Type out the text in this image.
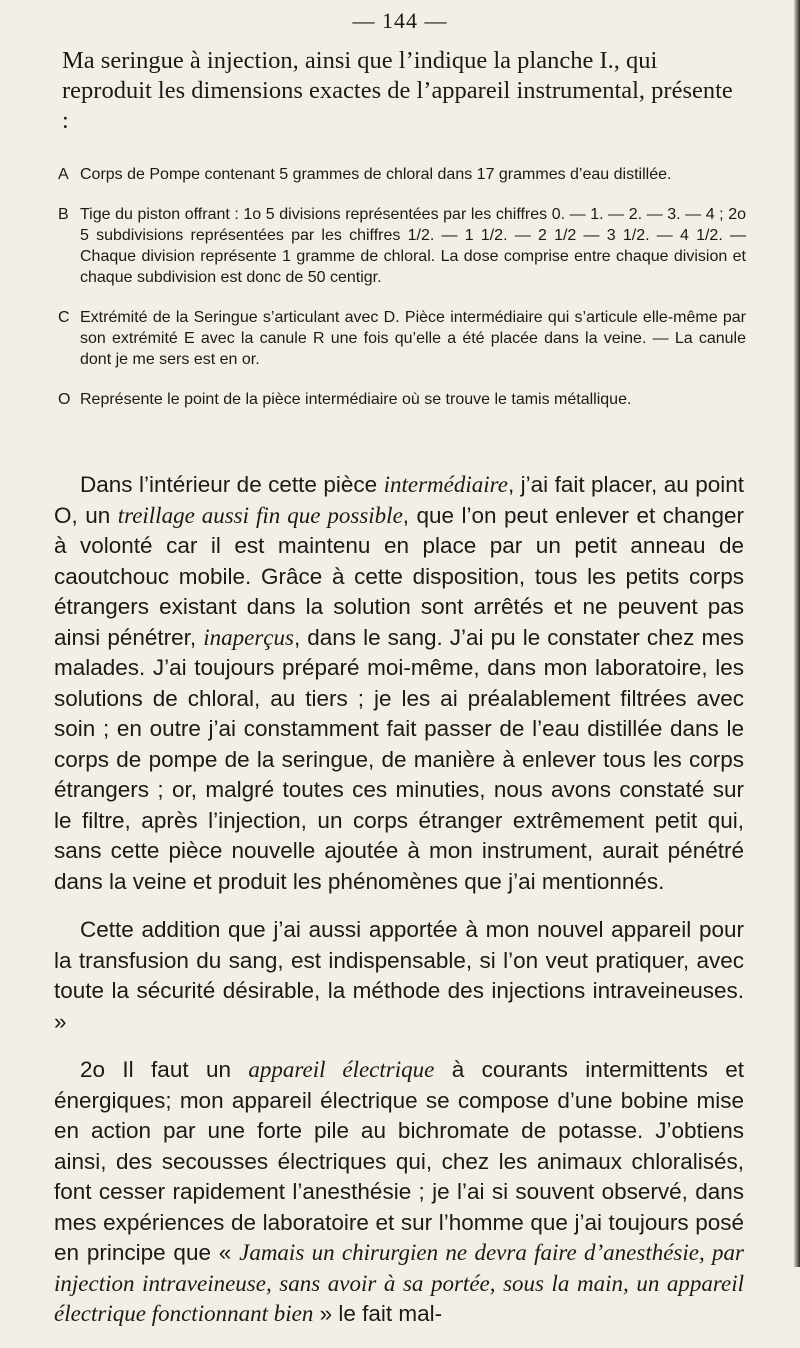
— 144 —
Ma seringue à injection, ainsi que l’indique la planche I., qui reproduit les dimensions exactes de l’appareil instrumental, présente :
A Corps de Pompe contenant 5 grammes de chloral dans 17 grammes d’eau distillée.
B Tige du piston offrant : 1o 5 divisions représentées par les chiffres 0. — 1. — 2. — 3. — 4 ; 2o 5 subdivisions représentées par les chiffres 1/2. — 1 1/2. — 2 1/2 — 3 1/2. — 4 1/2. — Chaque division représente 1 gramme de chloral. La dose comprise entre chaque division et chaque subdivision est donc de 50 centigr.
C Extrémité de la Seringue s’articulant avec D. Pièce intermédiaire qui s’articule elle-même par son extrémité E avec la canule R une fois qu’elle a été placée dans la veine. — La canule dont je me sers est en or.
O Représente le point de la pièce intermédiaire où se trouve le tamis métallique.

Dans l’intérieur de cette pièce intermédiaire, j’ai fait placer, au point O, un treillage aussi fin que possible, que l’on peut enlever et changer à volonté car il est maintenu en place par un petit anneau de caoutchouc mobile. Grâce à cette disposition, tous les petits corps étrangers existant dans la solution sont arrêtés et ne peuvent pas ainsi pénétrer, inaperçus, dans le sang. J’ai pu le constater chez mes malades. J’ai toujours préparé moi-même, dans mon laboratoire, les solutions de chloral, au tiers ; je les ai préalablement filtrées avec soin ; en outre j’ai constamment fait passer de l’eau distillée dans le corps de pompe de la seringue, de manière à enlever tous les corps étrangers ; or, malgré toutes ces minuties, nous avons constaté sur le filtre, après l’injection, un corps étranger extrêmement petit qui, sans cette pièce nouvelle ajoutée à mon instrument, aurait pénétré dans la veine et produit les phénomènes que j’ai mentionnés.

Cette addition que j’ai aussi apportée à mon nouvel appareil pour la transfusion du sang, est indispensable, si l’on veut pratiquer, avec toute la sécurité désirable, la méthode des injections intraveineuses. »

2o Il faut un appareil électrique à courants intermittents et énergiques; mon appareil électrique se compose d’une bobine mise en action par une forte pile au bichromate de potasse. J’obtiens ainsi, des secousses électriques qui, chez les animaux chloralisés, font cesser rapidement l’anesthésie ; je l’ai si souvent observé, dans mes expériences de laboratoire et sur l’homme que j’ai toujours posé en principe que « Jamais un chirurgien ne devra faire d’anesthésie, par injection intraveineuse, sans avoir à sa portée, sous la main, un appareil électrique fonctionnant bien » le fait mal-
